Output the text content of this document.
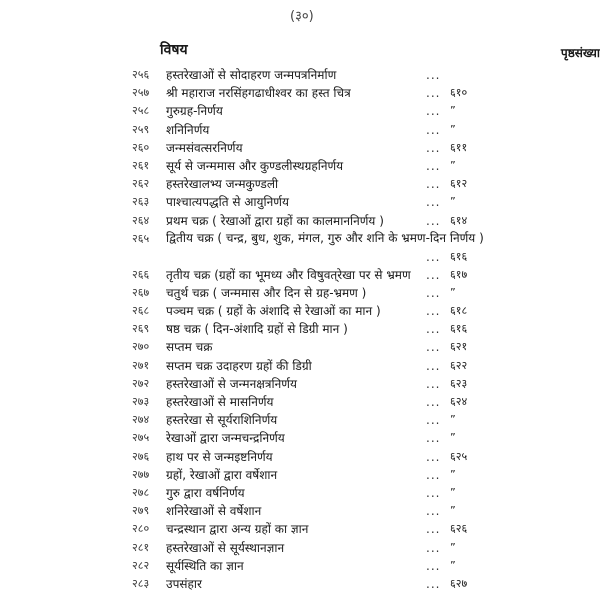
(३०)
विषय	पृष्ठसंख्या
२५६	हस्तरेखाओं से सोदाहरण जन्मपत्रनिर्माण	...
२५७	श्री महाराज नरसिंहगढाधीश्वर का हस्त चित्र	... ६१०
२५८	गुरुग्रह-निर्णय	... ”
२५९	शनिनिर्णय	... ”
२६०	जन्मसंवत्सरनिर्णय	... ६११
२६१	सूर्य से जन्ममास और कुण्डलीस्थग्रहनिर्णय	... ”
२६२	हस्तरेखालभ्य जन्मकुण्डली	... ६१२
२६३	पाश्चात्यपद्धति से आयुनिर्णय	... ”
२६४	प्रथम चक्र ( रेखाओं द्वारा ग्रहों का कालमाननिर्णय )	... ६१४
२६५	द्वितीय चक्र ( चन्द्र, बुध, शुक, मंगल, गुरु और शनि के भ्रमण-दिन निर्णय )
... ६१६
२६६	तृतीय चक्र (ग्रहों का भूमध्य और विषुवत्‌रेखा पर से भ्रमण	... ६१७
२६७	चतुर्थ चक्र ( जन्ममास और दिन से ग्रह-भ्रमण )	... ”
२६८	पञ्चम चक्र ( ग्रहों के अंशादि से रेखाओं का मान )	... ६१८
२६९	षष्ठ चक्र ( दिन-अंशादि ग्रहों से डिग्री मान )	... ६१६
२७०	सप्तम चक्र	... ६२१
२७१	सप्तम चक्र उदाहरण ग्रहों की डिग्री	... ६२२
२७२	हस्तरेखाओं से जन्मनक्षत्रनिर्णय	... ६२३
२७३	हस्तरेखाओं से मासनिर्णय	... ६२४
२७४	हस्तरेखा से सूर्यराशिनिर्णय	... ”
२७५	रेखाओं द्वारा जन्मचन्द्रनिर्णय	... ”
२७६	हाथ पर से जन्मइष्टनिर्णय	... ६२५
२७७	ग्रहों, रेखाओं द्वारा वर्षेशान	... ”
२७८	गुरु द्वारा वर्षनिर्णय	... ”
२७९	शनिरेखाओं से वर्षेशान	... ”
२८०	चन्द्रस्थान द्वारा अन्य ग्रहों का ज्ञान	... ६२६
२८१	हस्तरेखाओं से सूर्यस्थानज्ञान	... ”
२८२	सूर्यस्थिति का ज्ञान	... ”
२८३	उपसंहार	... ६२७
